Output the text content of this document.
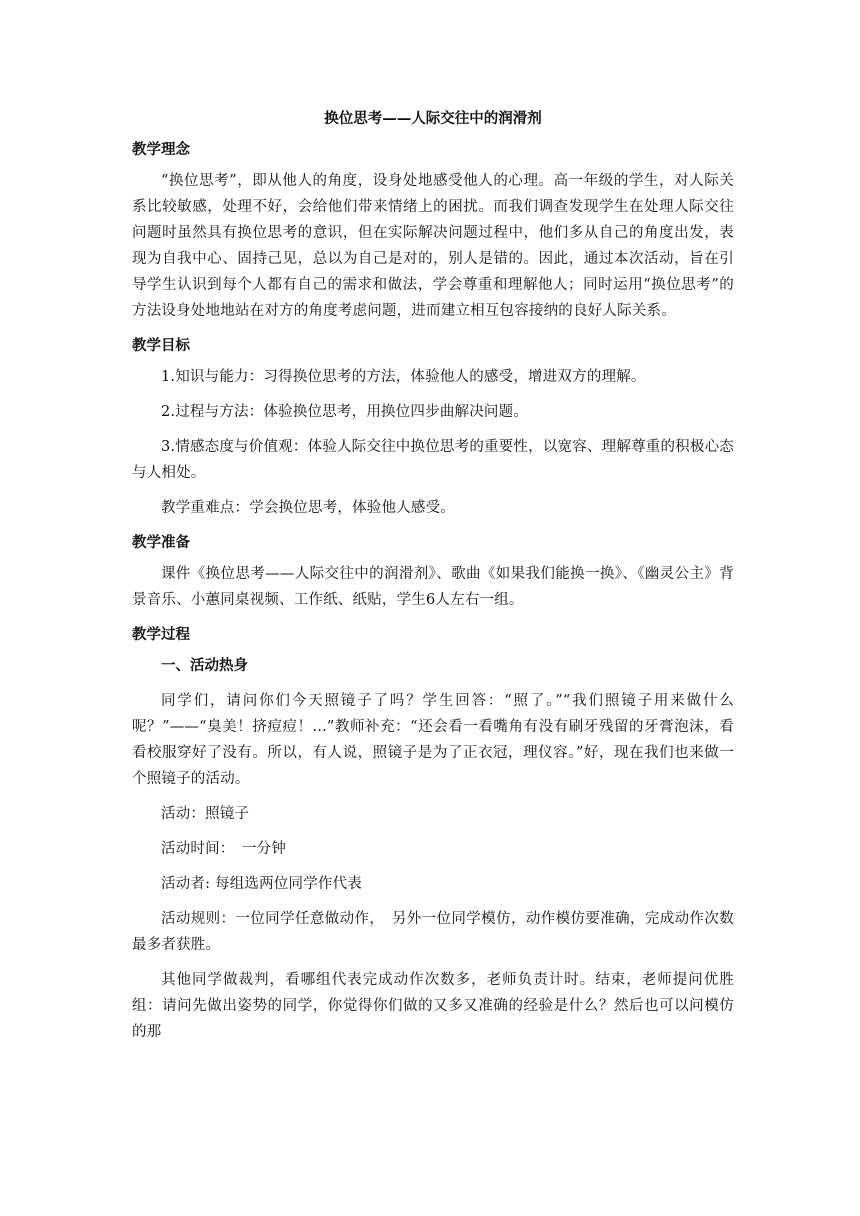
换位思考——人际交往中的润滑剂
教学理念
“换位思考”，即从他人的角度，设身处地感受他人的心理。高一年级的学生，对人际关系比较敏感，处理不好，会给他们带来情绪上的困扰。而我们调查发现学生在处理人际交往问题时虽然具有换位思考的意识，但在实际解决问题过程中，他们多从自己的角度出发，表现为自我中心、固持己见，总以为自己是对的，别人是错的。因此，通过本次活动，旨在引导学生认识到每个人都有自己的需求和做法，学会尊重和理解他人；同时运用“换位思考”的方法设身处地地站在对方的角度考虑问题，进而建立相互包容接纳的良好人际关系。
教学目标
1.知识与能力：习得换位思考的方法，体验他人的感受，增进双方的理解。
2.过程与方法：体验换位思考，用换位四步曲解决问题。
3.情感态度与价值观：体验人际交往中换位思考的重要性，以宽容、理解尊重的积极心态与人相处。
教学重难点：学会换位思考，体验他人感受。
教学准备
课件《换位思考——人际交往中的润滑剂》、歌曲《如果我们能换一换》、《幽灵公主》背景音乐、小蕙同桌视频、工作纸、纸贴，学生6人左右一组。
教学过程
一、活动热身
同学们，请问你们今天照镜子了吗？学生回答：“照了。”“我们照镜子用来做什么呢？”——“臭美！挤痘痘！...”教师补充：“还会看一看嘴角有没有刷牙残留的牙膏泡沫，看看校服穿好了没有。所以，有人说，照镜子是为了正衣冠，理仪容。”好，现在我们也来做一个照镜子的活动。
活动：照镜子
活动时间：　一分钟
活动者: 每组选两位同学作代表
活动规则：一位同学任意做动作，　另外一位同学模仿，动作模仿要准确，完成动作次数最多者获胜。
其他同学做裁判，看哪组代表完成动作次数多，老师负责计时。结束，老师提问优胜组：请问先做出姿势的同学，你觉得你们做的又多又准确的经验是什么？然后也可以问模仿的那
